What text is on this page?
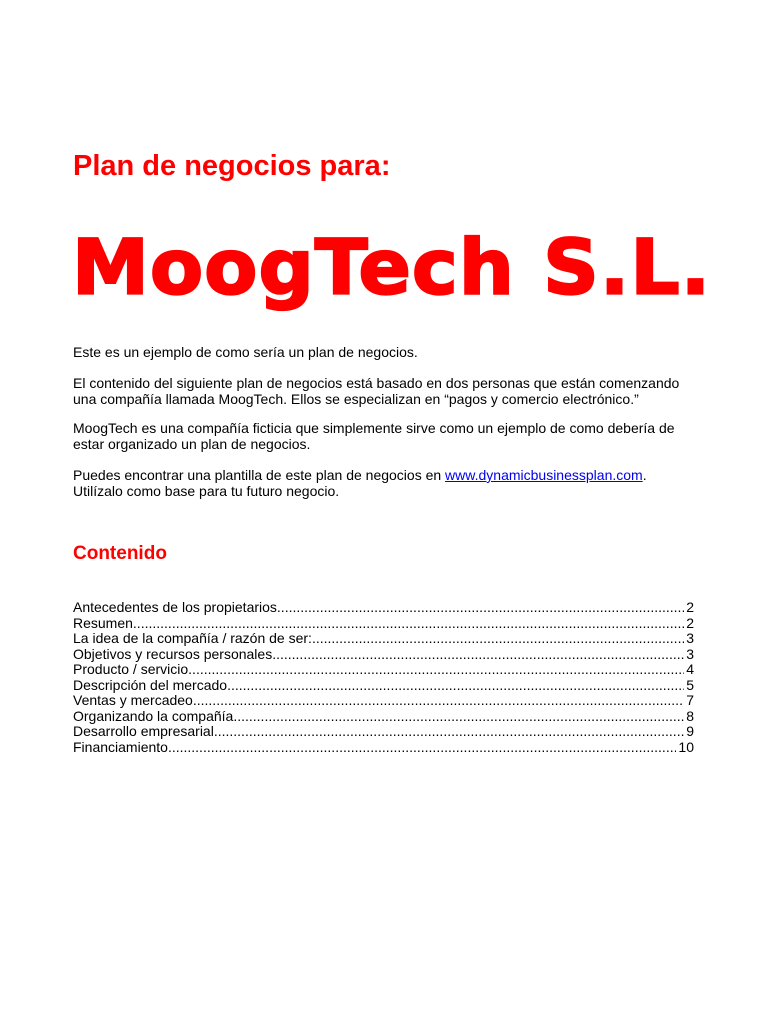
Plan de negocios para:
MoogTech S.L.

Este es un ejemplo de como sería un plan de negocios.

El contenido del siguiente plan de negocios está basado en dos personas que están comenzando una compañía llamada MoogTech. Ellos se especializan en “pagos y comercio electrónico.”

MoogTech es una compañía ficticia que simplemente sirve como un ejemplo de como debería de estar organizado un plan de negocios.

Puedes encontrar una plantilla de este plan de negocios en www.dynamicbusinessplan.com.
Utilízalo como base para tu futuro negocio.

Contenido
Antecedentes de los propietarios .....	2
Resumen .....	2
La idea de la compañía / razón de ser: .....	3
Objetivos y recursos personales .....	3
Producto / servicio .....	4
Descripción del mercado .....	5
Ventas y mercadeo .....	7
Organizando la compañía .....	8
Desarrollo empresarial .....	9
Financiamiento .....	10
